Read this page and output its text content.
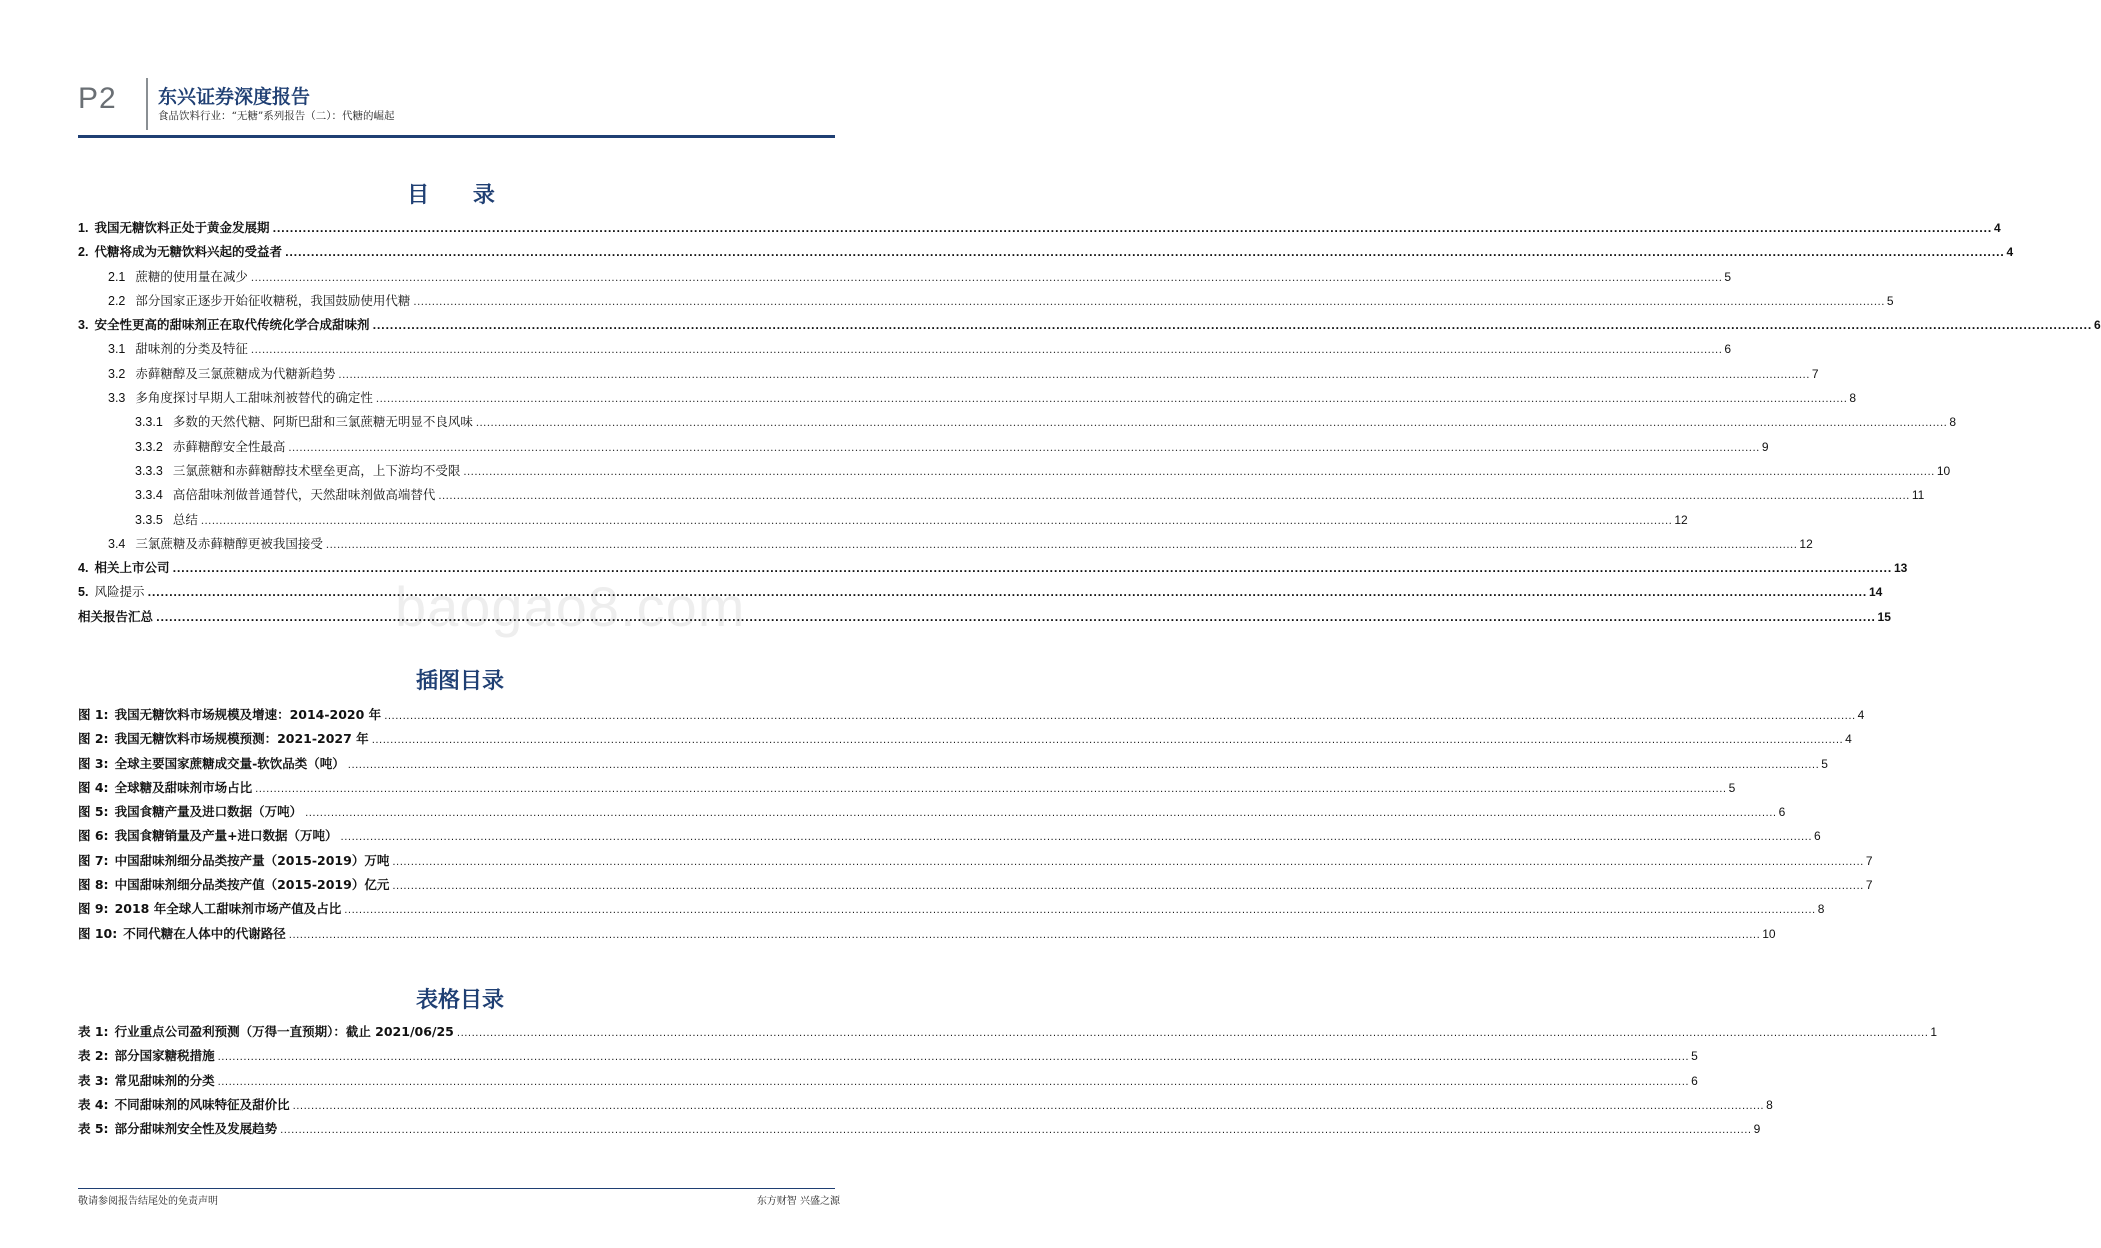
P2 东兴证券深度报告
食品饮料行业：“无糖”系列报告（二）：代糖的崛起
目 录
1. 我国无糖饮料正处于黄金发展期 ................................................................................................................................................................................................................................................................................................................................................................................................................ 4
2. 代糖将成为无糖饮料兴起的受益者 ................................................................................................................................................................................................................................................................................................................................................................................................................ 4
2.1 蔗糖的使用量在减少 ................................................................................................................................................................................................................................................................................................................................................................................................................ 5
2.2 部分国家正逐步开始征收糖税，我国鼓励使用代糖 ................................................................................................................................................................................................................................................................................................................................................................................................................ 5
3. 安全性更高的甜味剂正在取代传统化学合成甜味剂 ................................................................................................................................................................................................................................................................................................................................................................................................................ 6
3.1 甜味剂的分类及特征 ................................................................................................................................................................................................................................................................................................................................................................................................................ 6
3.2 赤藓糖醇及三氯蔗糖成为代糖新趋势 ................................................................................................................................................................................................................................................................................................................................................................................................................ 7
3.3 多角度探讨早期人工甜味剂被替代的确定性 ................................................................................................................................................................................................................................................................................................................................................................................................................ 8
3.3.1 多数的天然代糖、阿斯巴甜和三氯蔗糖无明显不良风味 ................................................................................................................................................................................................................................................................................................................................................................................................................ 8
3.3.2 赤藓糖醇安全性最高 ................................................................................................................................................................................................................................................................................................................................................................................................................ 9
3.3.3 三氯蔗糖和赤藓糖醇技术壁垒更高，上下游均不受限 ................................................................................................................................................................................................................................................................................................................................................................................................................ 10
3.3.4 高倍甜味剂做普通替代，天然甜味剂做高端替代 ................................................................................................................................................................................................................................................................................................................................................................................................................ 11
3.3.5 总结 ................................................................................................................................................................................................................................................................................................................................................................................................................ 12
3.4 三氯蔗糖及赤藓糖醇更被我国接受 ................................................................................................................................................................................................................................................................................................................................................................................................................ 12
4. 相关上市公司 ................................................................................................................................................................................................................................................................................................................................................................................................................ 13
5. 风险提示 ................................................................................................................................................................................................................................................................................................................................................................................................................ 14
相关报告汇总 ................................................................................................................................................................................................................................................................................................................................................................................................................ 15
baogao8.com
插图目录
图 1: 我国无糖饮料市场规模及增速：2014-2020 年 ................................................................................................................................................................................................................................................................................................................................................................................................................ 4
图 2: 我国无糖饮料市场规模预测：2021-2027 年 ................................................................................................................................................................................................................................................................................................................................................................................................................ 4
图 3: 全球主要国家蔗糖成交量-软饮品类（吨） ................................................................................................................................................................................................................................................................................................................................................................................................................ 5
图 4: 全球糖及甜味剂市场占比 ................................................................................................................................................................................................................................................................................................................................................................................................................ 5
图 5: 我国食糖产量及进口数据（万吨） ................................................................................................................................................................................................................................................................................................................................................................................................................ 6
图 6: 我国食糖销量及产量+进口数据（万吨） ................................................................................................................................................................................................................................................................................................................................................................................................................ 6
图 7: 中国甜味剂细分品类按产量（2015-2019）万吨 ................................................................................................................................................................................................................................................................................................................................................................................................................ 7
图 8: 中国甜味剂细分品类按产值（2015-2019）亿元 ................................................................................................................................................................................................................................................................................................................................................................................................................ 7
图 9: 2018 年全球人工甜味剂市场产值及占比 ................................................................................................................................................................................................................................................................................................................................................................................................................ 8
图 10: 不同代糖在人体中的代谢路径 ................................................................................................................................................................................................................................................................................................................................................................................................................ 10
表格目录
表 1: 行业重点公司盈利预测（万得一直预期）：截止 2021/06/25 ................................................................................................................................................................................................................................................................................................................................................................................................................ 1
表 2: 部分国家糖税措施 ................................................................................................................................................................................................................................................................................................................................................................................................................ 5
表 3: 常见甜味剂的分类 ................................................................................................................................................................................................................................................................................................................................................................................................................ 6
表 4: 不同甜味剂的风味特征及甜价比 ................................................................................................................................................................................................................................................................................................................................................................................................................ 8
表 5: 部分甜味剂安全性及发展趋势 ................................................................................................................................................................................................................................................................................................................................................................................................................ 9
敬请参阅报告结尾处的免责声明	东方财智 兴盛之源
